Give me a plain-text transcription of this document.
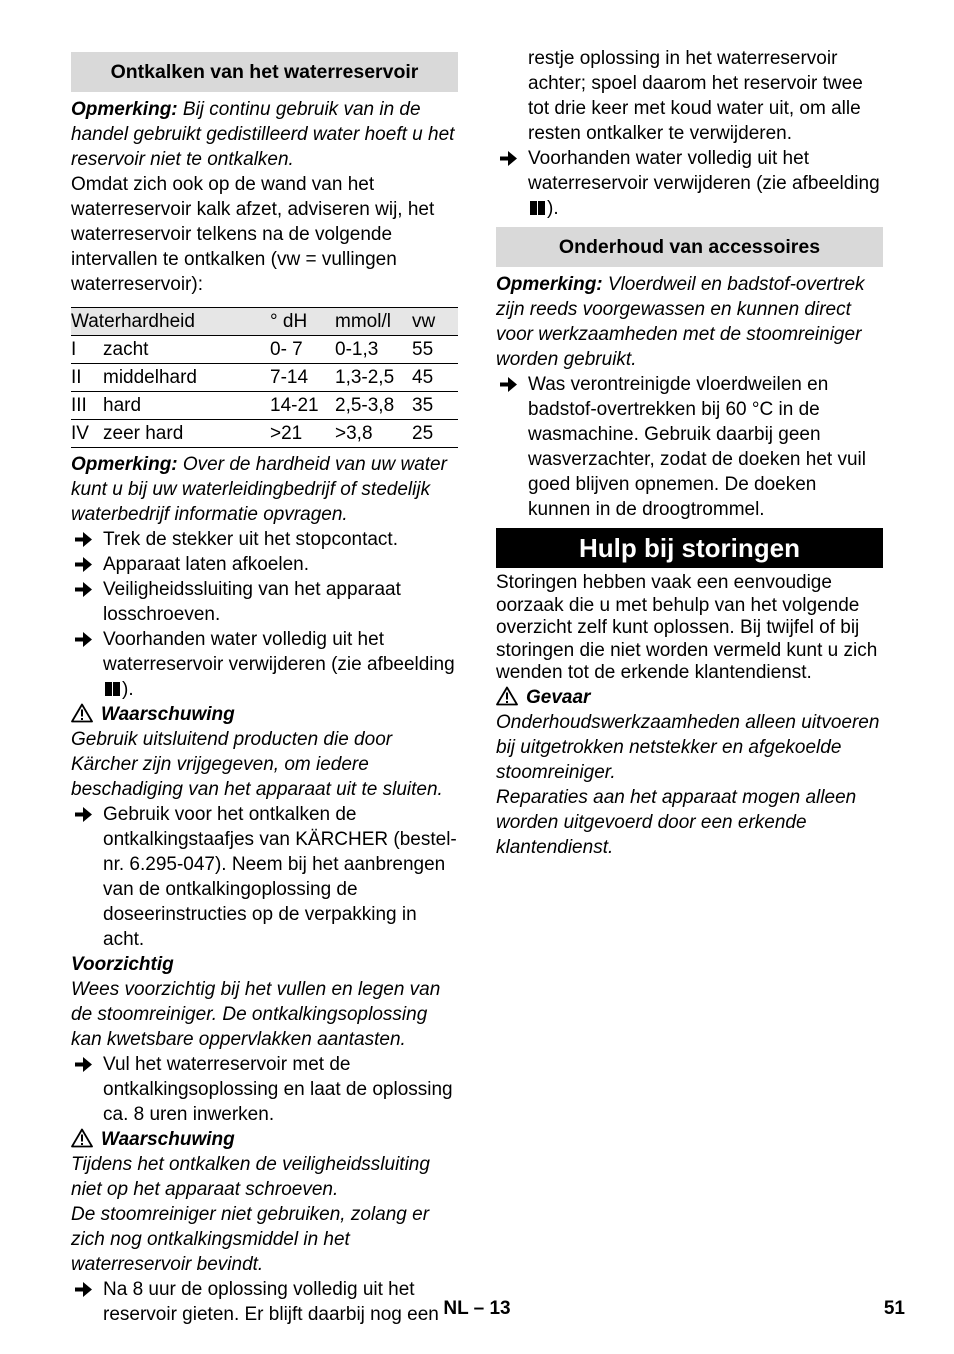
Ontkalken van het waterreservoir

Opmerking: Bij continu gebruik van in de handel gebruikt gedistilleerd water hoeft u het reservoir niet te ontkalken.

Omdat zich ook op de wand van het waterreservoir kalk afzet, adviseren wij, het waterreservoir telkens na de volgende intervallen te ontkalken (vw = vullingen waterreservoir):

Waterhardheid		° dH	mmol/l	vw
I	zacht	0- 7	0-1,3	55
II	middelhard	7-14	1,3-2,5	45
III	hard	14-21	2,5-3,8	35
IV	zeer hard	>21	>3,8	25

Opmerking: Over de hardheid van uw water kunt u bij uw waterleidingbedrijf of stedelijk waterbedrijf informatie opvragen.

Trek de stekker uit het stopcontact.
Apparaat laten afkoelen.
Veiligheidssluiting van het apparaat losschroeven.
Voorhanden water volledig uit het waterreservoir verwijderen (zie afbeelding ).
Waarschuwing

Gebruik uitsluitend producten die door Kärcher zijn vrijgegeven, om iedere beschadiging van het apparaat uit te sluiten.

Gebruik voor het ontkalken de ontkalkingstaafjes van KÄRCHER (bestel-nr. 6.295-047). Neem bij het aanbrengen van de ontkalkingoplossing de doseerinstructies op de verpakking in acht.
Voorzichtig

Wees voorzichtig bij het vullen en legen van de stoomreiniger. De ontkalkingsoplossing kan kwetsbare oppervlakken aantasten.

Vul het waterreservoir met de ontkalkingsoplossing en laat de oplossing ca. 8 uren inwerken.
Waarschuwing

Tijdens het ontkalken de veiligheidssluiting niet op het apparaat schroeven.

De stoomreiniger niet gebruiken, zolang er zich nog ontkalkingsmiddel in het waterreservoir bevindt.

Na 8 uur de oplossing volledig uit het reservoir gieten. Er blijft daarbij nog een

restje oplossing in het waterreservoir achter; spoel daarom het reservoir twee tot drie keer met koud water uit, om alle resten ontkalker te verwijderen.

Voorhanden water volledig uit het waterreservoir verwijderen (zie afbeelding ).
Onderhoud van accessoires

Opmerking: Vloerdweil en badstof-overtrek zijn reeds voorgewassen en kunnen direct voor werkzaamheden met de stoomreiniger worden gebruikt.

Was verontreinigde vloerdweilen en badstof-overtrekken bij 60 °C in de wasmachine. Gebruik daarbij geen wasverzachter, zodat de doeken het vuil goed blijven opnemen. De doeken kunnen in de droogtrommel.
Hulp bij storingen

Storingen hebben vaak een eenvoudige oorzaak die u met behulp van het volgende overzicht zelf kunt oplossen. Bij twijfel of bij storingen die niet worden vermeld kunt u zich wenden tot de erkende klantendienst.

Gevaar

Onderhoudswerkzaamheden alleen uitvoeren bij uitgetrokken netstekker en afgekoelde stoomreiniger.

Reparaties aan het apparaat mogen alleen worden uitgevoerd door een erkende klantendienst.

NL – 13	51
